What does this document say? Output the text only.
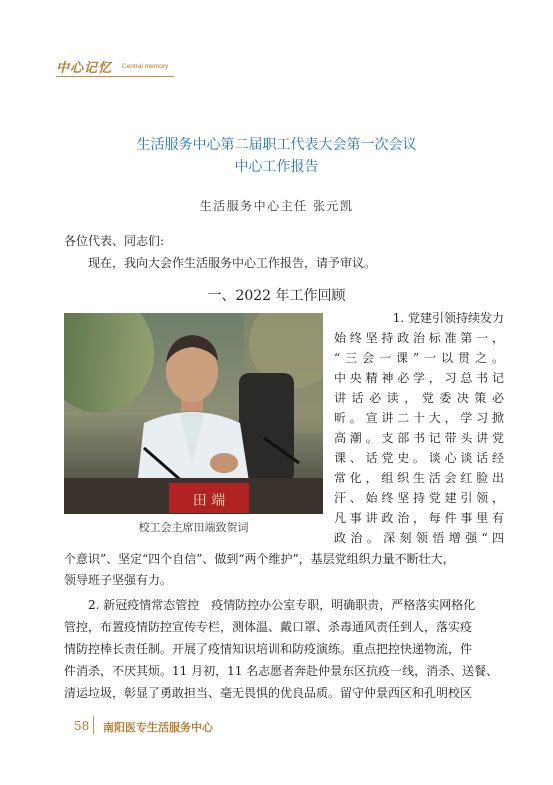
中心记忆 Central memory
生活服务中心第二届职工代表大会第一次会议
中心工作报告
生活服务中心主任 张元凯
各位代表、同志们:
现在，我向大会作生活服务中心工作报告，请予审议。
一、2022 年工作回顾
田 端
校工会主席田端致贺词
1. 党建引领持续发力
始终坚持政治标准第一，
“三会一课”一以贯之。
中央精神必学，习总书记
讲话必读，党委决策必
昕。宣讲二十大，学习掀
高潮。支部书记带头讲党
课、话党史。谈心谈话经
常化，组织生活会红脸出
汗、始终坚持党建引领，
凡事讲政治，每件事里有
政治。深刻领悟增强“四
个意识”、坚定“四个自信”、做到“两个维护”，基层党组织力量不断壮大，
领导班子坚强有力。
2. 新冠疫情常态管控　疫情防控办公室专职，明确职责，严格落实网格化
管控，布置疫情防控宣传专栏，测体温、戴口罩、杀毒通风责任到人，落实疫
情防控棒长责任制。开展了疫情知识培训和防疫演练。重点把控快递物流，件
件消杀，不厌其烦。11 月初，11 名志愿者奔赴仲景东区抗疫一线，消杀、送餐、
清运垃圾，彰显了勇敢担当、毫无畏惧的优良品质。留守仲景西区和孔明校区
58 南阳医专生活服务中心
